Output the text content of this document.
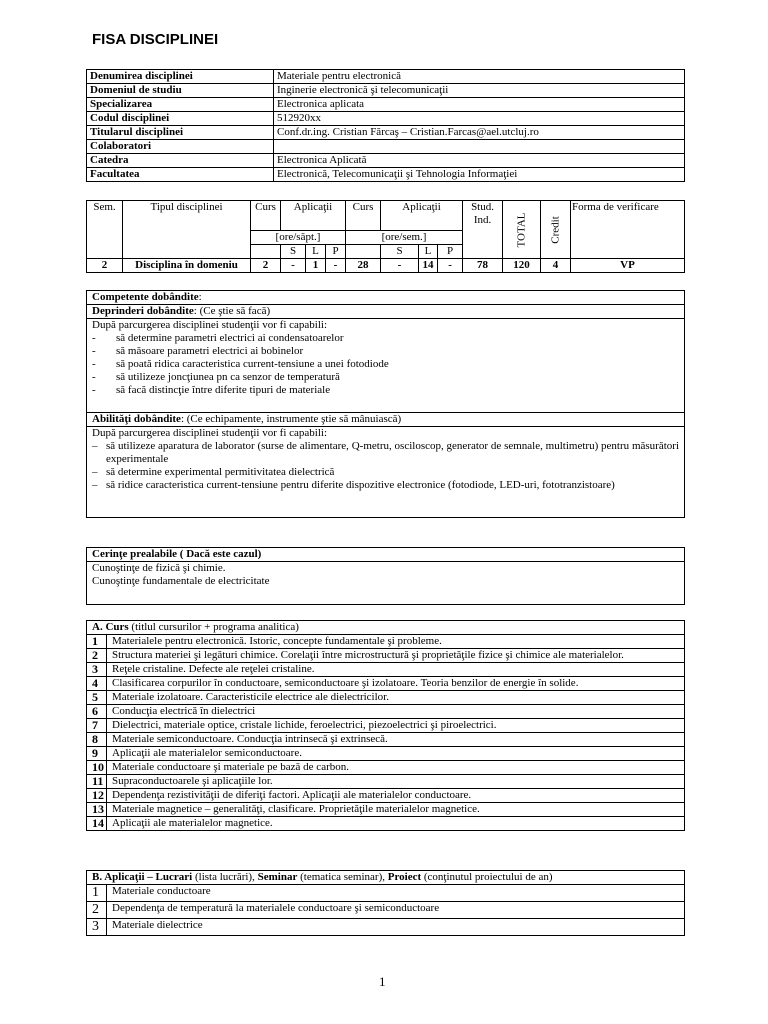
FISA DISCIPLINEI
Denumirea disciplinei	Materiale pentru electronică
Domeniul de studiu	Inginerie electronică şi telecomunicaţii
Specializarea	Electronica aplicata
Codul disciplinei	512920xx
Titularul disciplinei	Conf.dr.ing. Cristian Fărcaş – Cristian.Farcas@ael.utcluj.ro
Colaboratori	
Catedra	Electronica Aplicată
Facultatea	Electronică, Telecomunicaţii şi Tehnologia Informaţiei
Sem.	Tipul disciplinei	Curs	Aplicaţii			Curs	Aplicaţii			Stud. Ind.	TOTAL	Credit	Forma de verificare
		[ore/săpt.]				[ore/sem.]							
			S	L	P		S	L	P				
2	Disciplina în domeniu	2	-	1	-	28	-	14	-	78	120	4	VP
Competente dobândite:
Deprinderi dobândite: (Ce ştie să facă)

După parcurgerea disciplinei studenţii vor fi capabili:
- să determine parametri electrici ai condensatoarelor
- să măsoare parametri electrici ai bobinelor
- să poată ridica caracteristica current-tensiune a unei fotodiode
- să utilizeze joncţiunea pn ca senzor de temperatură
- să facă distincţie între diferite tipuri de materiale

Abilităţi dobândite: (Ce echipamente, instrumente ştie să mânuiască)

După parcurgerea disciplinei studenţii vor fi capabili:
– să utilizeze aparatura de laborator (surse de alimentare, Q-metru, osciloscop, generator de semnale, multimetru) pentru măsurători experimentale
– să determine experimental permitivitatea dielectrică
– să ridice caracteristica current-tensiune pentru diferite dispozitive electronice (fotodiode, LED-uri, fototranzistoare)
Cerinţe prealabile ( Dacă este cazul)

Cunoştinţe de fizică şi chimie.
Cunoştinţe fundamentale de electricitate
A. Curs (titlul cursurilor + programa analitica)	
1	Materialele pentru electronică. Istoric, concepte fundamentale şi probleme.
2	Structura materiei şi legături chimice. Corelaţii între microstructură şi proprietăţile fizice şi chimice ale materialelor.
3	Reţele cristaline. Defecte ale reţelei cristaline.
4	Clasificarea corpurilor în conductoare, semiconductoare şi izolatoare. Teoria benzilor de energie în solide.
5	Materiale izolatoare. Caracteristicile electrice ale dielectricilor.
6	Conducţia electrică în dielectrici
7	Dielectrici, materiale optice, cristale lichide, feroelectrici, piezoelectrici şi piroelectrici.
8	Materiale semiconductoare. Conducţia intrinsecă şi extrinsecă.
9	Aplicaţii ale materialelor semiconductoare.
10	Materiale conductoare şi materiale pe bază de carbon.
11	Supraconductoarele şi aplicaţiile lor.
12	Dependenţa rezistivităţii de diferiţi factori. Aplicaţii ale materialelor conductoare.
13	Materiale magnetice – generalităţi, clasificare. Proprietăţile materialelor magnetice.
14	Aplicaţii ale materialelor magnetice.
B. Aplicaţii – Lucrari (lista lucrări), Seminar (tematica seminar), Proiect (conţinutul proiectului de an)	
1	Materiale conductoare
2	Dependenţa de temperatură la materialele conductoare şi semiconductoare
3	Materiale dielectrice
1
